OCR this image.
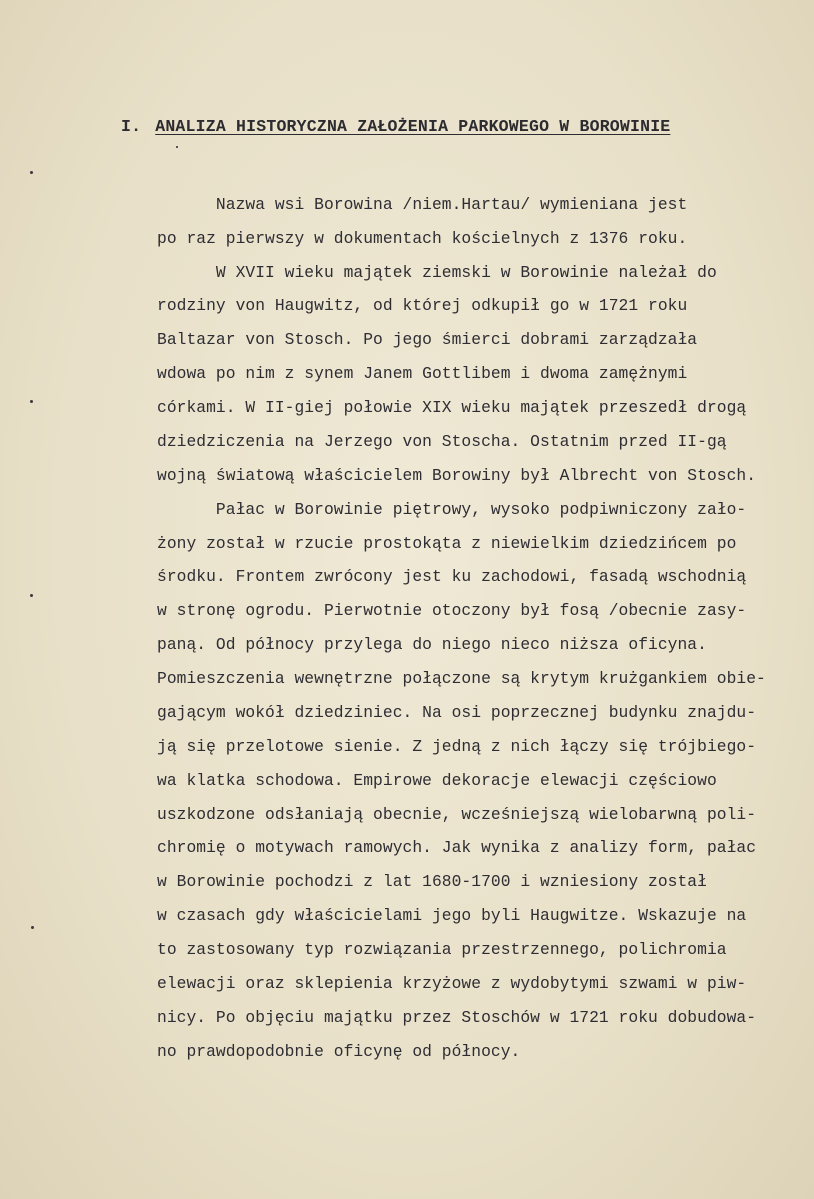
I. ANALIZA HISTORYCZNA ZAŁOŻENIA PARKOWEGO W BOROWINIE
Nazwa wsi Borowina /niem.Hartau/ wymieniana jest
po raz pierwszy w dokumentach kościelnych z 1376 roku.
W XVII wieku majątek ziemski w Borowinie należał do
rodziny von Haugwitz, od której odkupił go w 1721 roku
Baltazar von Stosch. Po jego śmierci dobrami zarządzała
wdowa po nim z synem Janem Gottlibem i dwoma zamężnymi
córkami. W II-giej połowie XIX wieku majątek przeszedł drogą
dziedziczenia na Jerzego von Stoscha. Ostatnim przed II-gą
wojną światową właścicielem Borowiny był Albrecht von Stosch.
Pałac w Borowinie piętrowy, wysoko podpiwniczony zało-
żony został w rzucie prostokąta z niewielkim dziedzińcem po
środku. Frontem zwrócony jest ku zachodowi, fasadą wschodnią
w stronę ogrodu. Pierwotnie otoczony był fosą /obecnie zasy-
paną. Od północy przylega do niego nieco niższa oficyna.
Pomieszczenia wewnętrzne połączone są krytym krużgankiem obie-
gającym wokół dziedziniec. Na osi poprzecznej budynku znajdu-
ją się przelotowe sienie. Z jedną z nich łączy się trójbiego-
wa klatka schodowa. Empirowe dekoracje elewacji częściowo
uszkodzone odsłaniają obecnie, wcześniejszą wielobarwną poli-
chromię o motywach ramowych. Jak wynika z analizy form, pałac
w Borowinie pochodzi z lat 1680-1700 i wzniesiony został
w czasach gdy właścicielami jego byli Haugwitze. Wskazuje na
to zastosowany typ rozwiązania przestrzennego, polichromia
elewacji oraz sklepienia krzyżowe z wydobytymi szwami w piw-
nicy. Po objęciu majątku przez Stoschów w 1721 roku dobudowa-
no prawdopodobnie oficynę od północy.
